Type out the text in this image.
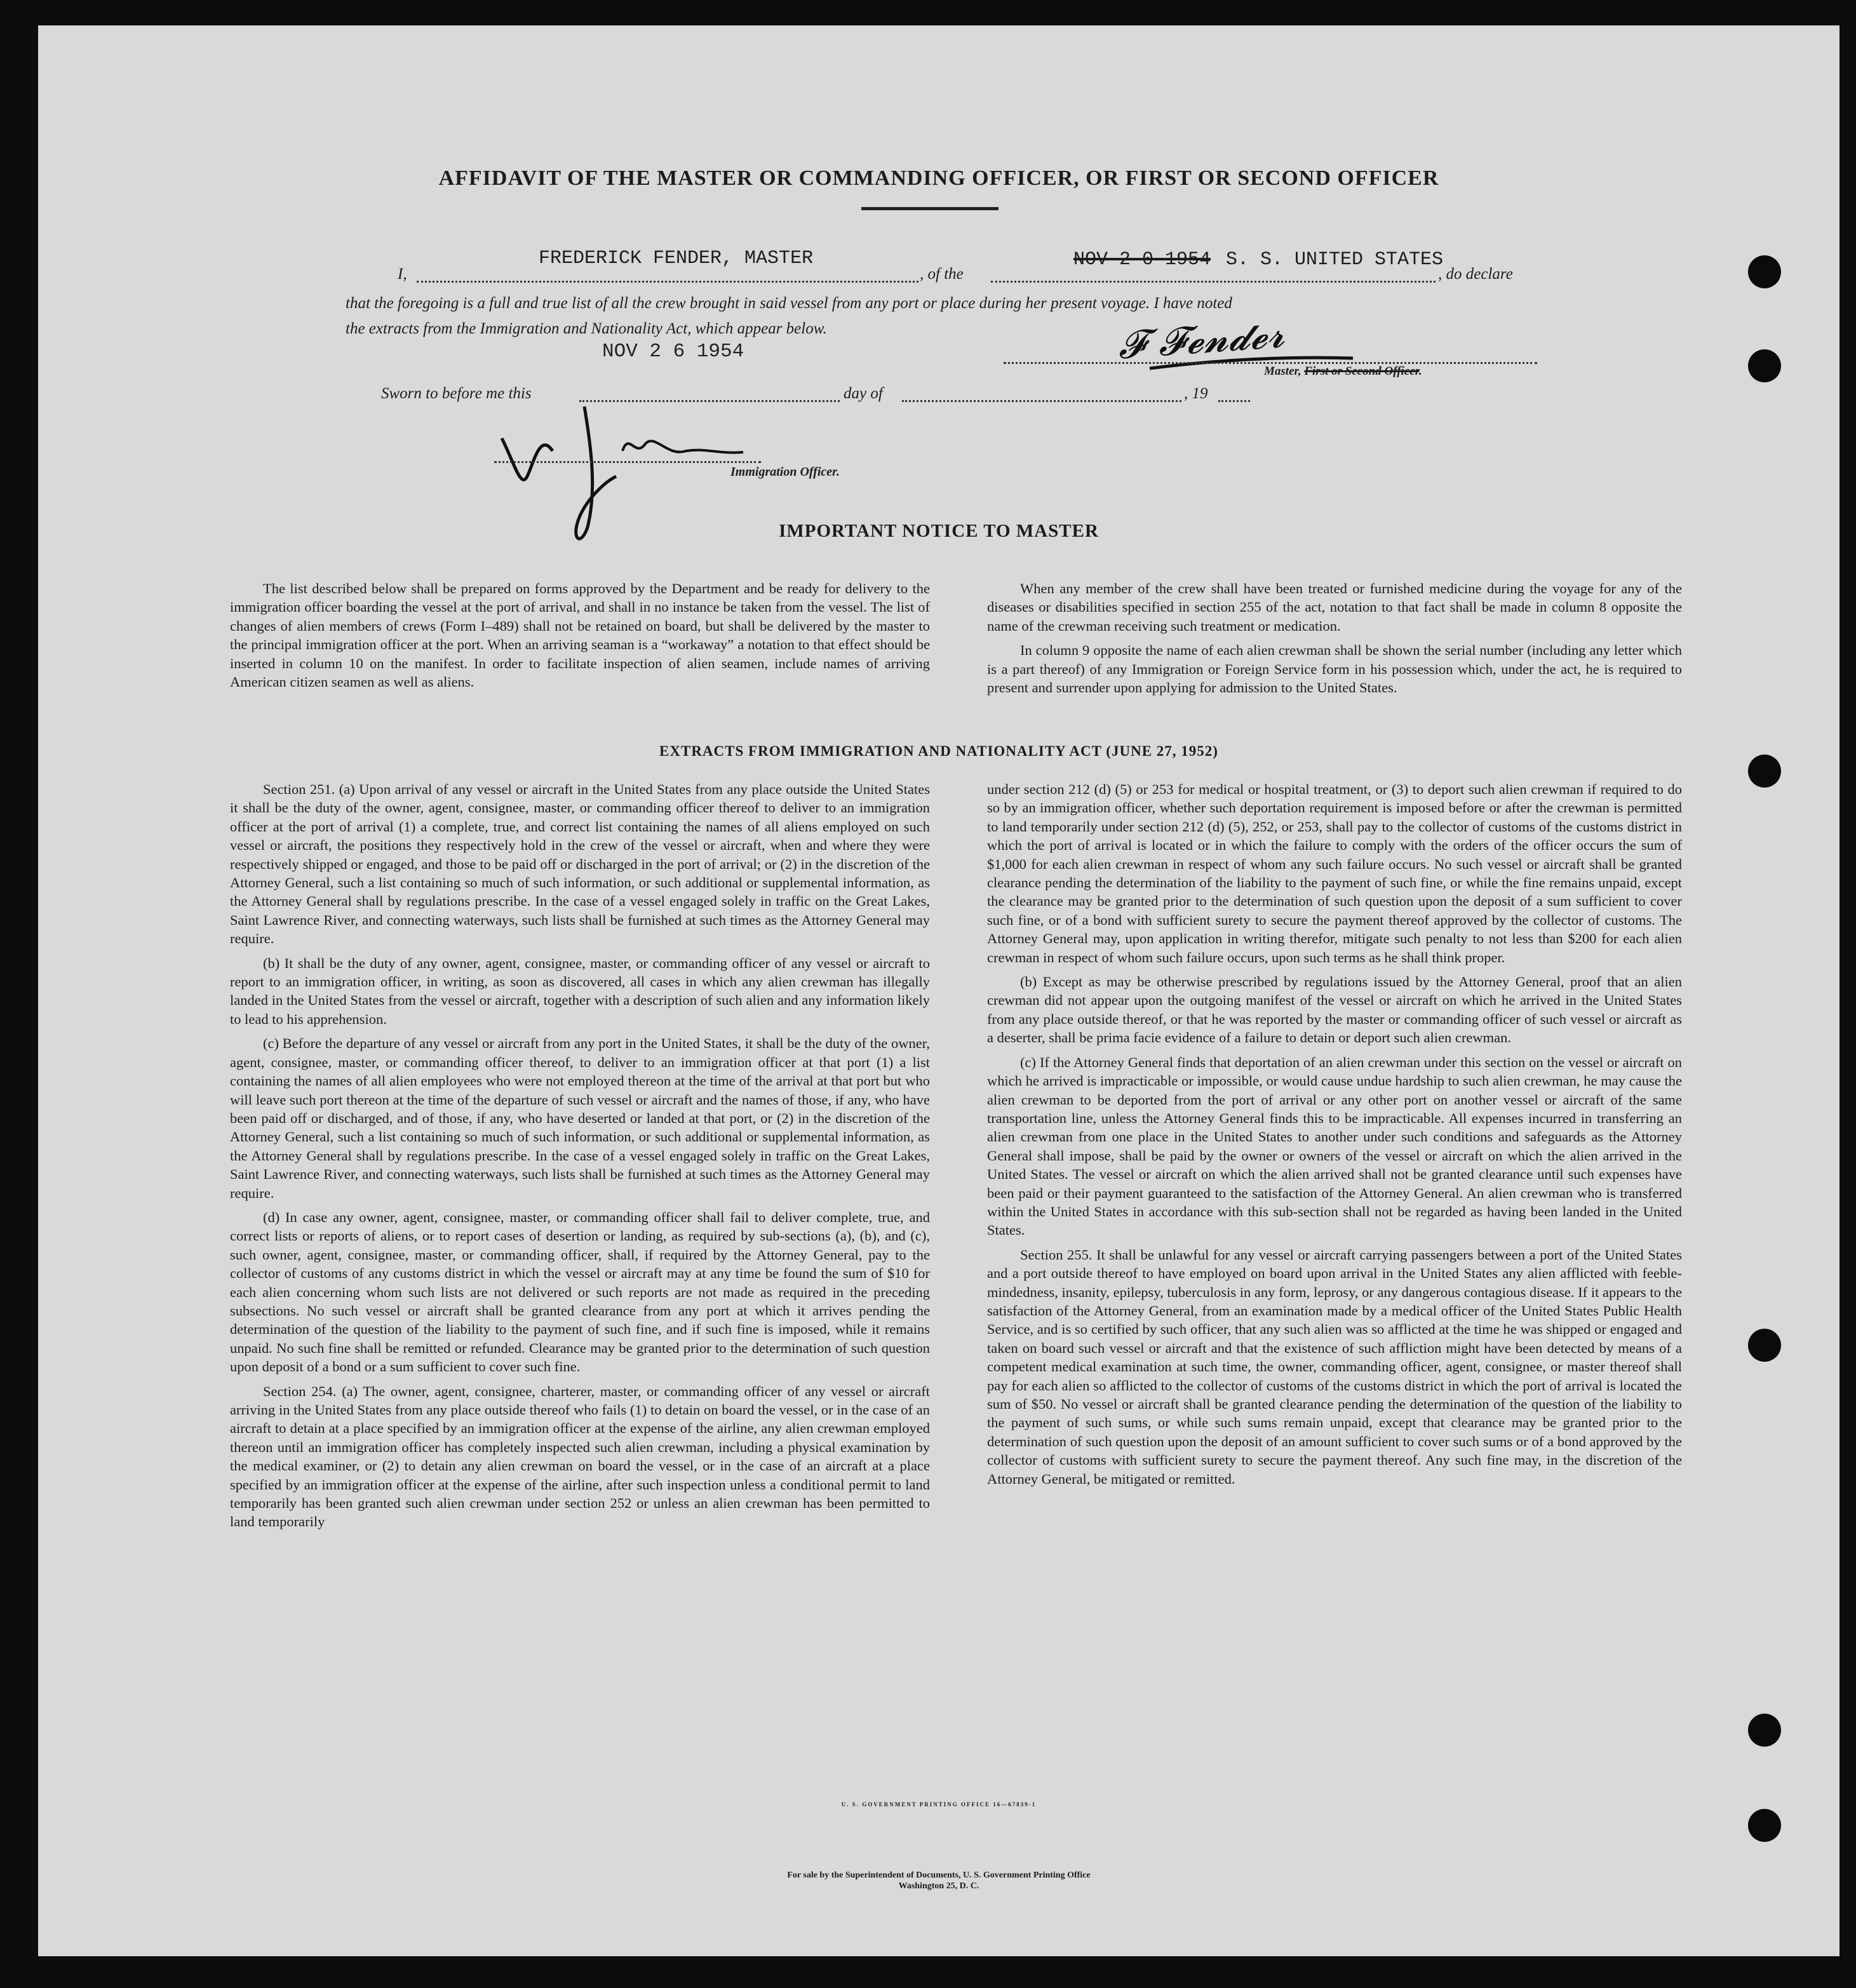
AFFIDAVIT OF THE MASTER OR COMMANDING OFFICER, OR FIRST OR SECOND OFFICER
I,
FREDERICK FENDER, MASTER
, of the
NOV 2 0 1954 S. S. UNITED STATES
, do declare
that the foregoing is a full and true list of all the crew brought in said vessel from any port or place during her present voyage. I have noted
the extracts from the Immigration and Nationality Act, which appear below.	𝓕 𝓕𝓮𝓷𝓭𝓮𝓻
Master, First or Second Officer.
NOV 2 6 1954
Sworn to before me this	day of	, 19
Immigration Officer.
IMPORTANT NOTICE TO MASTER

The list described below shall be prepared on forms approved by the Department and be ready for delivery to the immigration officer boarding the vessel at the port of arrival, and shall in no instance be taken from the vessel. The list of changes of alien members of crews (Form I–489) shall not be retained on board, but shall be delivered by the master to the principal immigration officer at the port. When an arriving seaman is a “workaway” a notation to that effect should be inserted in column 10 on the manifest. In order to facilitate inspection of alien seamen, include names of arriving American citizen seamen as well as aliens.

When any member of the crew shall have been treated or furnished medicine during the voyage for any of the diseases or disabilities specified in section 255 of the act, notation to that fact shall be made in column 8 opposite the name of the crewman receiving such treatment or medication.

In column 9 opposite the name of each alien crewman shall be shown the serial number (including any letter which is a part thereof) of any Immigration or Foreign Service form in his possession which, under the act, he is required to present and surrender upon applying for admission to the United States.

EXTRACTS FROM IMMIGRATION AND NATIONALITY ACT (JUNE 27, 1952)

Section 251. (a) Upon arrival of any vessel or aircraft in the United States from any place outside the United States it shall be the duty of the owner, agent, consignee, master, or commanding officer thereof to deliver to an immigration officer at the port of arrival (1) a complete, true, and correct list containing the names of all aliens employed on such vessel or aircraft, the positions they respectively hold in the crew of the vessel or aircraft, when and where they were respectively shipped or engaged, and those to be paid off or discharged in the port of arrival; or (2) in the discretion of the Attorney General, such a list containing so much of such information, or such additional or supplemental information, as the Attorney General shall by regulations prescribe. In the case of a vessel engaged solely in traffic on the Great Lakes, Saint Lawrence River, and connecting waterways, such lists shall be furnished at such times as the Attorney General may require.

(b) It shall be the duty of any owner, agent, consignee, master, or commanding officer of any vessel or aircraft to report to an immigration officer, in writing, as soon as discovered, all cases in which any alien crewman has illegally landed in the United States from the vessel or aircraft, together with a description of such alien and any information likely to lead to his apprehension.

(c) Before the departure of any vessel or aircraft from any port in the United States, it shall be the duty of the owner, agent, consignee, master, or commanding officer thereof, to deliver to an immigration officer at that port (1) a list containing the names of all alien employees who were not employed thereon at the time of the arrival at that port but who will leave such port thereon at the time of the departure of such vessel or aircraft and the names of those, if any, who have been paid off or discharged, and of those, if any, who have deserted or landed at that port, or (2) in the discretion of the Attorney General, such a list containing so much of such information, or such additional or supplemental information, as the Attorney General shall by regulations prescribe. In the case of a vessel engaged solely in traffic on the Great Lakes, Saint Lawrence River, and connecting waterways, such lists shall be furnished at such times as the Attorney General may require.

(d) In case any owner, agent, consignee, master, or commanding officer shall fail to deliver complete, true, and correct lists or reports of aliens, or to report cases of desertion or landing, as required by sub-sections (a), (b), and (c), such owner, agent, consignee, master, or commanding officer, shall, if required by the Attorney General, pay to the collector of customs of any customs district in which the vessel or aircraft may at any time be found the sum of $10 for each alien concerning whom such lists are not delivered or such reports are not made as required in the preceding subsections. No such vessel or aircraft shall be granted clearance from any port at which it arrives pending the determination of the question of the liability to the payment of such fine, and if such fine is imposed, while it remains unpaid. No such fine shall be remitted or refunded. Clearance may be granted prior to the determination of such question upon deposit of a bond or a sum sufficient to cover such fine.

Section 254. (a) The owner, agent, consignee, charterer, master, or commanding officer of any vessel or aircraft arriving in the United States from any place outside thereof who fails (1) to detain on board the vessel, or in the case of an aircraft to detain at a place specified by an immigration officer at the expense of the airline, any alien crewman employed thereon until an immigration officer has completely inspected such alien crewman, including a physical examination by the medical examiner, or (2) to detain any alien crewman on board the vessel, or in the case of an aircraft at a place specified by an immigration officer at the expense of the airline, after such inspection unless a conditional permit to land temporarily has been granted such alien crewman under section 252 or unless an alien crewman has been permitted to land temporarily

under section 212 (d) (5) or 253 for medical or hospital treatment, or (3) to deport such alien crewman if required to do so by an immigration officer, whether such deportation requirement is imposed before or after the crewman is permitted to land temporarily under section 212 (d) (5), 252, or 253, shall pay to the collector of customs of the customs district in which the port of arrival is located or in which the failure to comply with the orders of the officer occurs the sum of $1,000 for each alien crewman in respect of whom any such failure occurs. No such vessel or aircraft shall be granted clearance pending the determination of the liability to the payment of such fine, or while the fine remains unpaid, except the clearance may be granted prior to the determination of such question upon the deposit of a sum sufficient to cover such fine, or of a bond with sufficient surety to secure the payment thereof approved by the collector of customs. The Attorney General may, upon application in writing therefor, mitigate such penalty to not less than $200 for each alien crewman in respect of whom such failure occurs, upon such terms as he shall think proper.

(b) Except as may be otherwise prescribed by regulations issued by the Attorney General, proof that an alien crewman did not appear upon the outgoing manifest of the vessel or aircraft on which he arrived in the United States from any place outside thereof, or that he was reported by the master or commanding officer of such vessel or aircraft as a deserter, shall be prima facie evidence of a failure to detain or deport such alien crewman.

(c) If the Attorney General finds that deportation of an alien crewman under this section on the vessel or aircraft on which he arrived is impracticable or impossible, or would cause undue hardship to such alien crewman, he may cause the alien crewman to be deported from the port of arrival or any other port on another vessel or aircraft of the same transportation line, unless the Attorney General finds this to be impracticable. All expenses incurred in transferring an alien crewman from one place in the United States to another under such conditions and safeguards as the Attorney General shall impose, shall be paid by the owner or owners of the vessel or aircraft on which the alien arrived in the United States. The vessel or aircraft on which the alien arrived shall not be granted clearance until such expenses have been paid or their payment guaranteed to the satisfaction of the Attorney General. An alien crewman who is transferred within the United States in accordance with this sub-section shall not be regarded as having been landed in the United States.

Section 255. It shall be unlawful for any vessel or aircraft carrying passengers between a port of the United States and a port outside thereof to have employed on board upon arrival in the United States any alien afflicted with feeble-mindedness, insanity, epilepsy, tuberculosis in any form, leprosy, or any dangerous contagious disease. If it appears to the satisfaction of the Attorney General, from an examination made by a medical officer of the United States Public Health Service, and is so certified by such officer, that any such alien was so afflicted at the time he was shipped or engaged and taken on board such vessel or aircraft and that the existence of such affliction might have been detected by means of a competent medical examination at such time, the owner, commanding officer, agent, consignee, or master thereof shall pay for each alien so afflicted to the collector of customs of the customs district in which the port of arrival is located the sum of $50. No vessel or aircraft shall be granted clearance pending the determination of the question of the liability to the payment of such sums, or while such sums remain unpaid, except that clearance may be granted prior to the determination of such question upon the deposit of an amount sufficient to cover such sums or of a bond approved by the collector of customs with sufficient surety to secure the payment thereof. Any such fine may, in the discretion of the Attorney General, be mitigated or remitted.

U. S. GOVERNMENT PRINTING OFFICE 16—67839-1
For sale by the Superintendent of Documents, U. S. Government Printing Office
Washington 25, D. C.
